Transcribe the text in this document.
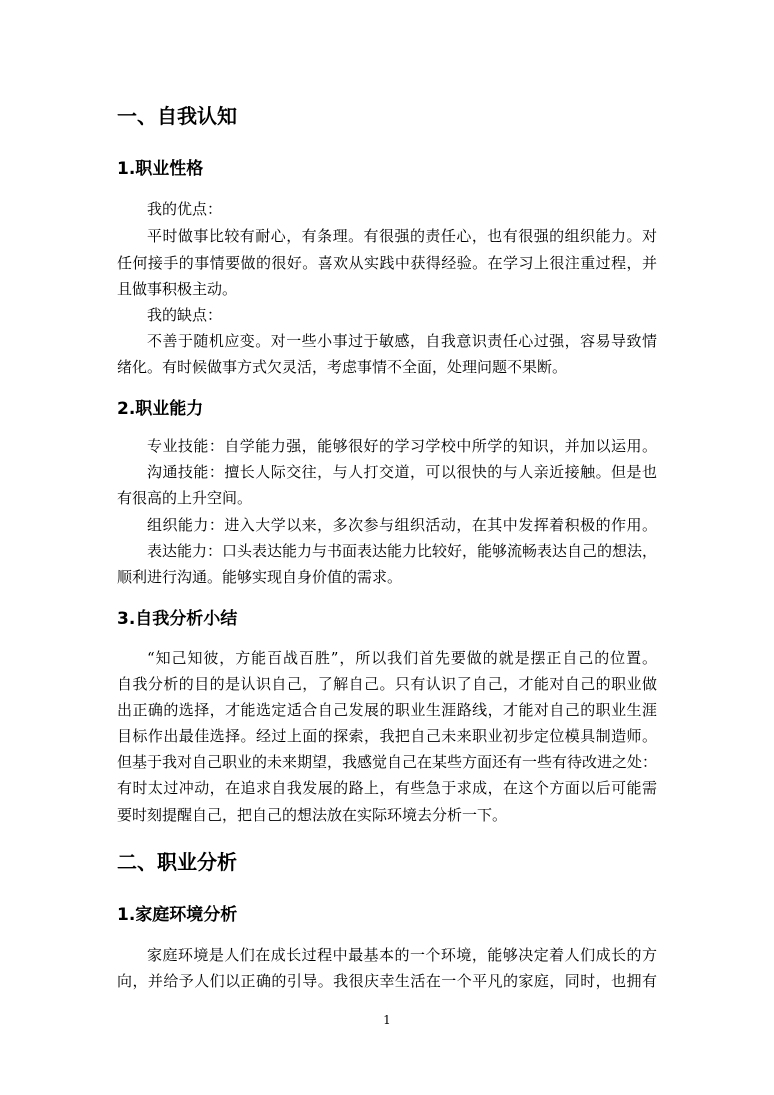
一、自我认知
1.职业性格
我的优点：
平时做事比较有耐心，有条理。有很强的责任心，也有很强的组织能力。对
任何接手的事情要做的很好。喜欢从实践中获得经验。在学习上很注重过程，并
且做事积极主动。
我的缺点：
不善于随机应变。对一些小事过于敏感，自我意识责任心过强，容易导致情
绪化。有时候做事方式欠灵活，考虑事情不全面，处理问题不果断。
2.职业能力
专业技能：自学能力强，能够很好的学习学校中所学的知识，并加以运用。
沟通技能：擅长人际交往，与人打交道，可以很快的与人亲近接触。但是也
有很高的上升空间。
组织能力：进入大学以来，多次参与组织活动，在其中发挥着积极的作用。
表达能力：口头表达能力与书面表达能力比较好，能够流畅表达自己的想法，
顺利进行沟通。能够实现自身价值的需求。
3.自我分析小结
“知己知彼，方能百战百胜”，所以我们首先要做的就是摆正自己的位置。
自我分析的目的是认识自己，了解自己。只有认识了自己，才能对自己的职业做
出正确的选择，才能选定适合自己发展的职业生涯路线，才能对自己的职业生涯
目标作出最佳选择。经过上面的探索，我把自己未来职业初步定位模具制造师。
但基于我对自己职业的未来期望，我感觉自己在某些方面还有一些有待改进之处：
有时太过冲动，在追求自我发展的路上，有些急于求成，在这个方面以后可能需
要时刻提醒自己，把自己的想法放在实际环境去分析一下。
二、职业分析
1.家庭环境分析
家庭环境是人们在成长过程中最基本的一个环境，能够决定着人们成长的方
向，并给予人们以正确的引导。我很庆幸生活在一个平凡的家庭，同时，也拥有
1
